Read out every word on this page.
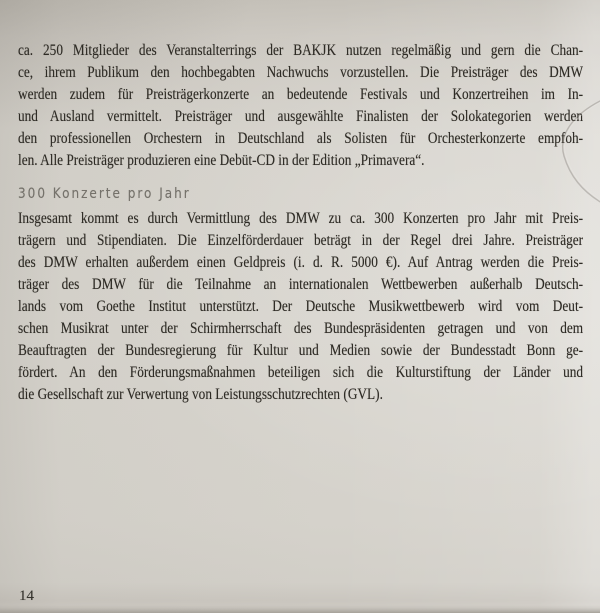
ca. 250 Mitglieder des Veranstalterrings der BAKJK nutzen regelmäßig und gern die Chan-
ce, ihrem Publikum den hochbegabten Nachwuchs vorzustellen. Die Preisträger des DMW
werden zudem für Preisträgerkonzerte an bedeutende Festivals und Konzertreihen im In-
und Ausland vermittelt. Preisträger und ausgewählte Finalisten der Solokategorien werden
den professionellen Orchestern in Deutschland als Solisten für Orchesterkonzerte empfoh-
len. Alle Preisträger produzieren eine Debüt-CD in der Edition „Primavera“.
300 Konzerte pro Jahr
Insgesamt kommt es durch Vermittlung des DMW zu ca. 300 Konzerten pro Jahr mit Preis-
trägern und Stipendiaten. Die Einzelförderdauer beträgt in der Regel drei Jahre. Preisträger
des DMW erhalten außerdem einen Geldpreis (i. d. R. 5000 €). Auf Antrag werden die Preis-
träger des DMW für die Teilnahme an internationalen Wettbewerben außerhalb Deutsch-
lands vom Goethe Institut unterstützt. Der Deutsche Musikwettbewerb wird vom Deut-
schen Musikrat unter der Schirmherrschaft des Bundespräsidenten getragen und von dem
Beauftragten der Bundesregierung für Kultur und Medien sowie der Bundesstadt Bonn ge-
fördert. An den Förderungsmaßnahmen beteiligen sich die Kulturstiftung der Länder und
die Gesellschaft zur Verwertung von Leistungsschutzrechten (GVL).
14
